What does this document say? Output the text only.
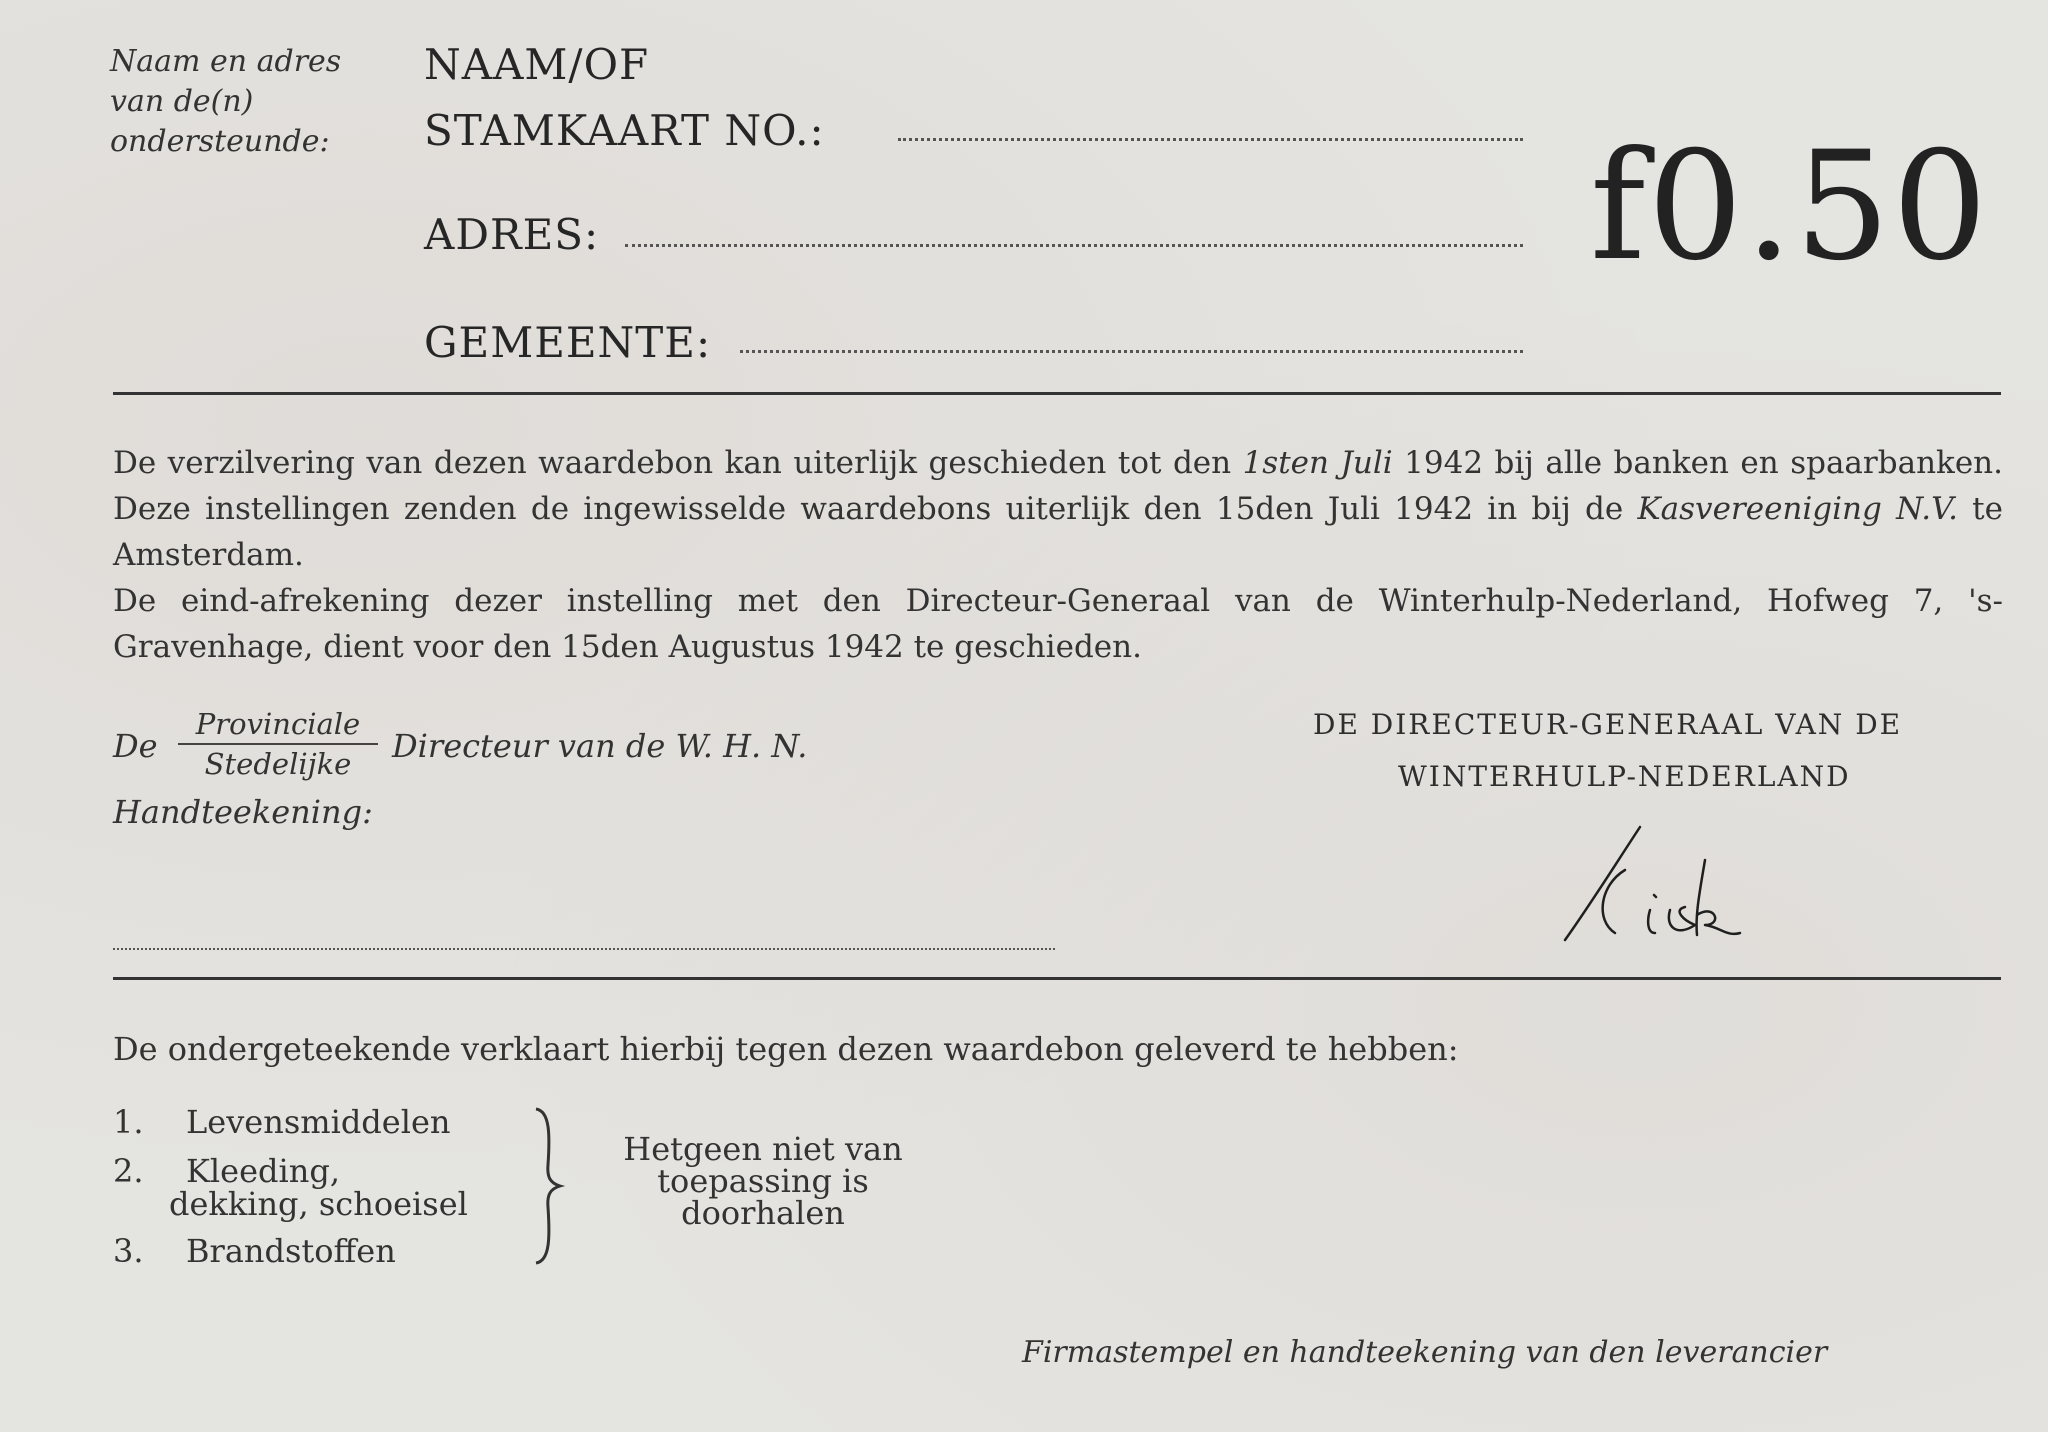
Naam en adres
van de(n)
ondersteunde:
NAAM/OF
STAMKAART NO.:
ADRES:
GEMEENTE:
f0.50
De verzilvering van dezen waardebon kan uiterlijk geschieden tot den 1sten Juli 1942 bij alle banken en spaarbanken. Deze instellingen zenden de ingewisselde waardebons uiterlijk den 15den Juli 1942 in bij de Kasvereeniging N.V. te Amsterdam.
De eind-afrekening dezer instelling met den Directeur-Generaal van de Winterhulp-Nederland, Hofweg 7, 's-Gravenhage, dient voor den 15den Augustus 1942 te geschieden.
De
Provinciale
Stedelijke	Directeur van de W. H. N.
Handteekening:
DE DIRECTEUR-GENERAAL VAN DE
WINTERHULP-NEDERLAND
De ondergeteekende verklaart hierbij tegen dezen waardebon geleverd te hebben:
1. Levensmiddelen
2. Kleeding,
dekking, schoeisel
3. Brandstoffen
Hetgeen niet van
toepassing is
doorhalen
Firmastempel en handteekening van den leverancier
